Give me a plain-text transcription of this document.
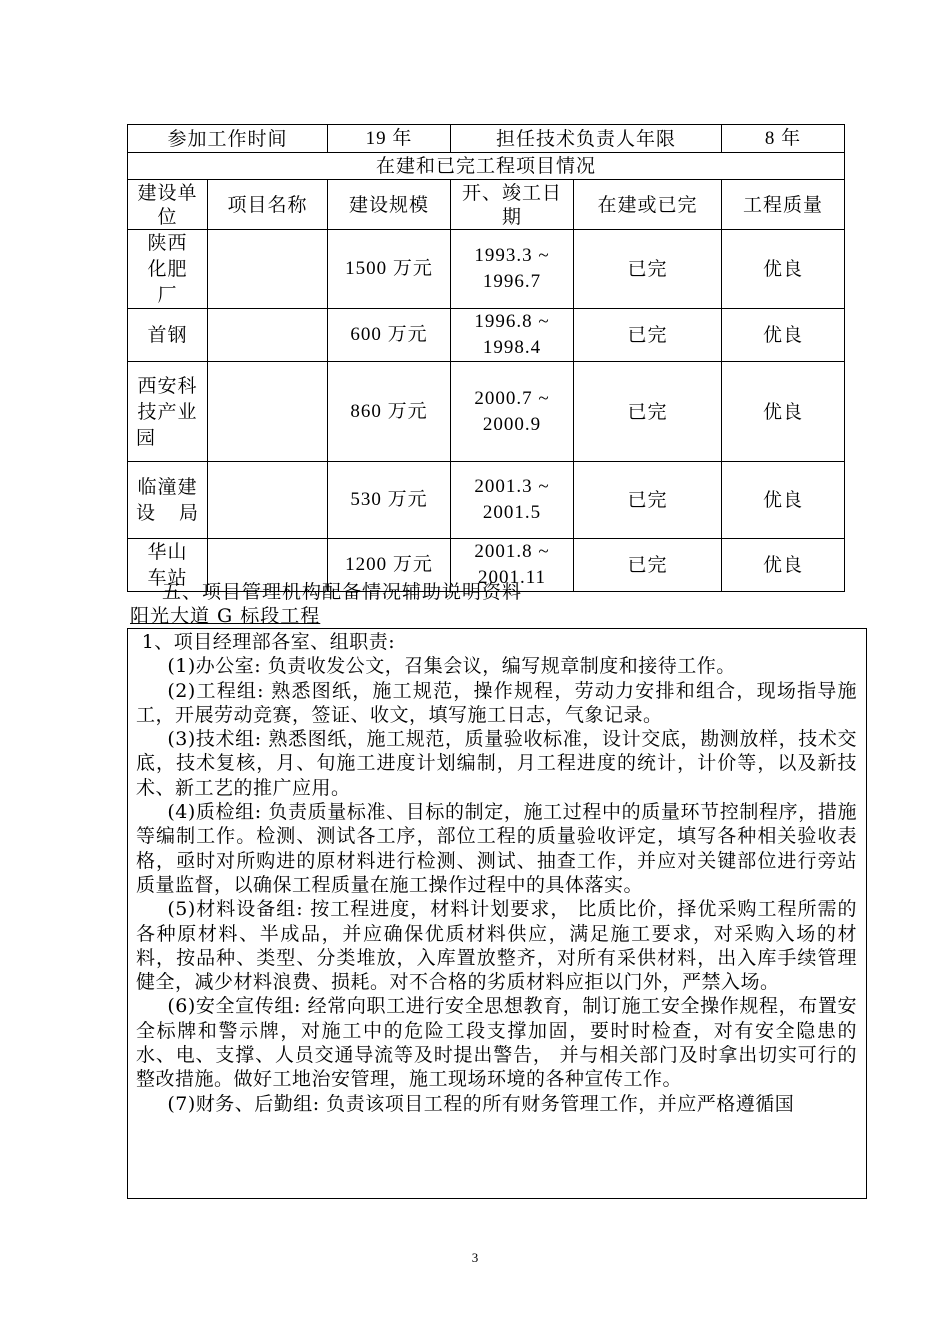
参加工作时间		19 年	担任技术负责人年限		8 年
在建和已完工程项目情况					
建设单位	项目名称	建设规模	开、竣工日期	在建或已完	工程质量
陕西化肥厂		1500 万元	1993.3 ~
1996.7	已完	优良
首钢		600 万元	1996.8 ~
1998.4	已完	优良
西安科技产业园		860 万元	2000.7 ~
2000.9	已完	优良
临潼建设局		530 万元	2001.3 ~
2001.5	已完	优良
华山车站		1200 万元	2001.8 ~
2001.11	已完	优良
五、项目管理机构配备情况辅助说明资料
阳光大道 G 标段工程

1、项目经理部各室、组职责:

(1)办公室: 负责收发公文，召集会议，编写规章制度和接待工作。

(2)工程组: 熟悉图纸，施工规范，操作规程，劳动力安排和组合，现场指导施工，开展劳动竞赛，签证、收文，填写施工日志，气象记录。

(3)技术组: 熟悉图纸，施工规范，质量验收标准，设计交底，勘测放样，技术交底，技术复核，月、旬施工进度计划编制，月工程进度的统计，计价等，以及新技术、新工艺的推广应用。

(4)质检组: 负责质量标准、目标的制定，施工过程中的质量环节控制程序，措施等编制工作。检测、测试各工序，部位工程的质量验收评定，填写各种相关验收表格，亟时对所购进的原材料进行检测、测试、抽查工作，并应对关键部位进行旁站质量监督，以确保工程质量在施工操作过程中的具体落实。

(5)材料设备组: 按工程进度，材料计划要求， 比质比价，择优采购工程所需的各种原材料、半成品，并应确保优质材料供应，满足施工要求，对采购入场的材料，按品种、类型、分类堆放，入库置放整齐，对所有采供材料，出入库手续管理健全，减少材料浪费、损耗。对不合格的劣质材料应拒以门外，严禁入场。

(6)安全宣传组: 经常向职工进行安全思想教育，制订施工安全操作规程，布置安全标牌和警示牌，对施工中的危险工段支撑加固，要时时检查，对有安全隐患的水、电、支撑、人员交通导流等及时提出警告， 并与相关部门及时拿出切实可行的整改措施。做好工地治安管理，施工现场环境的各种宣传工作。

(7)财务、后勤组: 负责该项目工程的所有财务管理工作，并应严格遵循国

3
